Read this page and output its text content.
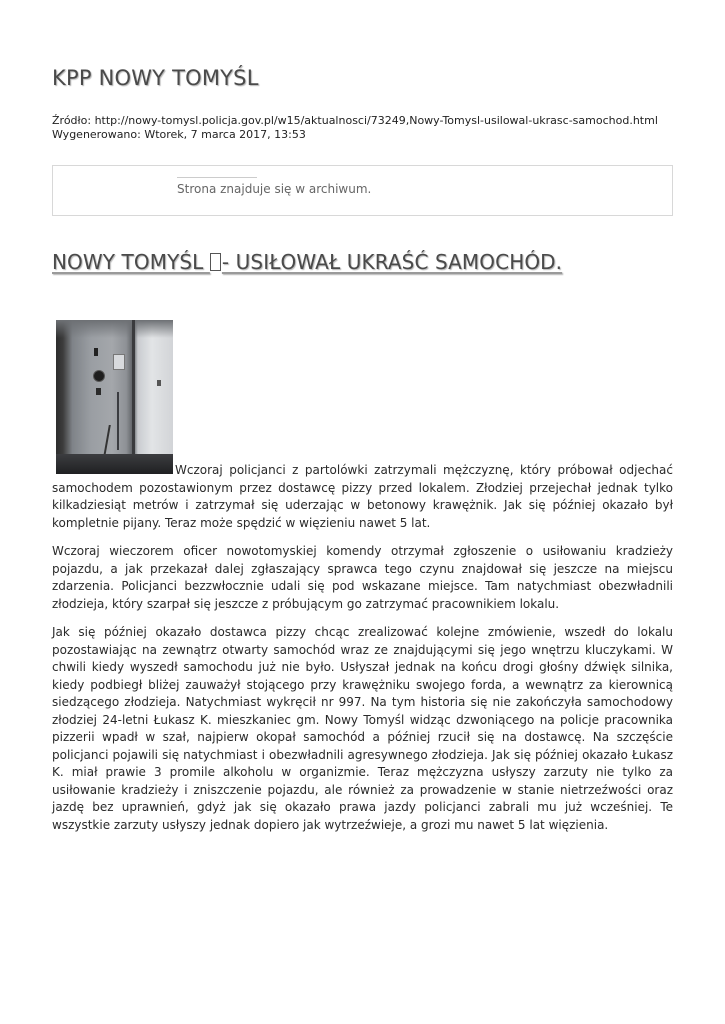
KPP NOWY TOMYŚL
Źródło: http://nowy-tomysl.policja.gov.pl/w15/aktualnosci/73249,Nowy-Tomysl-usilowal-ukrasc-samochod.html
Wygenerowano: Wtorek, 7 marca 2017, 13:53
Strona znajduje się w archiwum.
NOWY TOMYŚL - USIŁOWAŁ UKRAŚĆ SAMOCHÓD.

Wczoraj policjanci z partolówki zatrzymali mężczyznę, który próbował odjechać samochodem pozostawionym przez dostawcę pizzy przed lokalem. Złodziej przejechał jednak tylko kilkadziesiąt metrów i zatrzymał się uderzając w betonowy krawężnik. Jak się później okazało był kompletnie pijany. Teraz może spędzić w więzieniu nawet 5 lat.

Wczoraj wieczorem oficer nowotomyskiej komendy otrzymał zgłoszenie o usiłowaniu kradzieży pojazdu, a jak przekazał dalej zgłaszający sprawca tego czynu znajdował się jeszcze na miejscu zdarzenia. Policjanci bezzwłocznie udali się pod wskazane miejsce. Tam natychmiast obezwładnili złodzieja, który szarpał się jeszcze z próbującym go zatrzymać pracownikiem lokalu.

Jak się później okazało dostawca pizzy chcąc zrealizować kolejne zmówienie, wszedł do lokalu pozostawiając na zewnątrz otwarty samochód wraz ze znajdującymi się jego wnętrzu kluczykami. W chwili kiedy wyszedł samochodu już nie było. Usłyszał jednak na końcu drogi głośny dźwięk silnika, kiedy podbiegł bliżej zauważył stojącego przy krawężniku swojego forda, a wewnątrz za kierownicą siedzącego złodzieja. Natychmiast wykręcił nr 997. Na tym historia się nie zakończyła samochodowy złodziej 24-letni Łukasz K. mieszkaniec gm. Nowy Tomyśl widząc dzwoniącego na policje pracownika pizzerii wpadł w szał, najpierw okopał samochód a później rzucił się na dostawcę. Na szczęście policjanci pojawili się natychmiast i obezwładnili agresywnego złodzieja. Jak się później okazało Łukasz K. miał prawie 3 promile alkoholu w organizmie. Teraz mężczyzna usłyszy zarzuty nie tylko za usiłowanie kradzieży i zniszczenie pojazdu, ale również za prowadzenie w stanie nietrzeźwości oraz jazdę bez uprawnień, gdyż jak się okazało prawa jazdy policjanci zabrali mu już wcześniej. Te wszystkie zarzuty usłyszy jednak dopiero jak wytrzeźwieje, a grozi mu nawet 5 lat więzienia.
